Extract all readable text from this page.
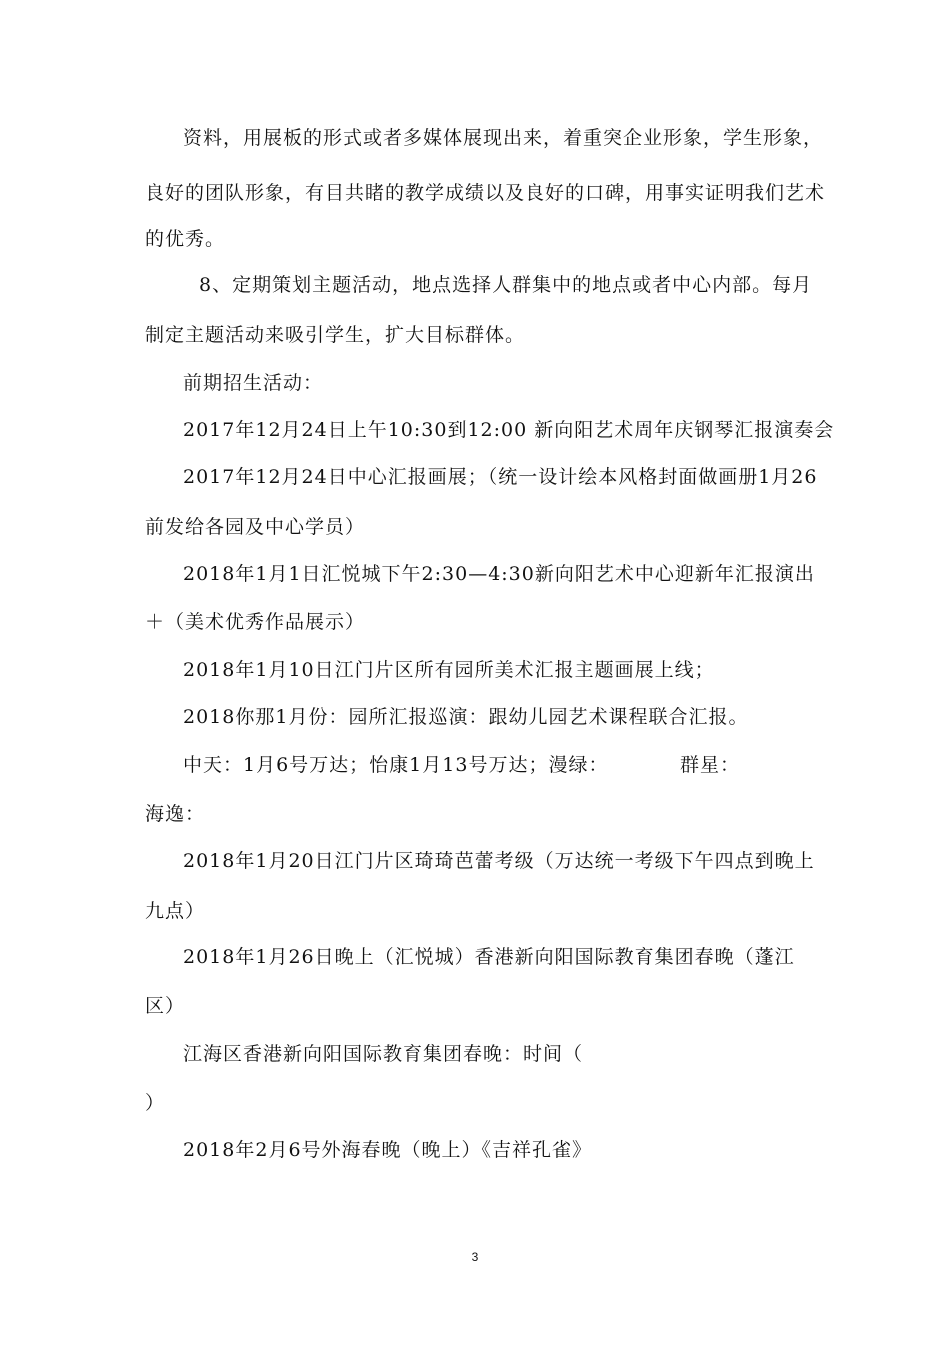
资料，用展板的形式或者多媒体展现出来，着重突企业形象，学生形象，
良好的团队形象，有目共睹的教学成绩以及良好的口碑，用事实证明我们艺术
的优秀。
8、定期策划主题活动，地点选择人群集中的地点或者中心内部。每月
制定主题活动来吸引学生，扩大目标群体。
前期招生活动：
2017年12月24日上午10:30到12:00 新向阳艺术周年庆钢琴汇报演奏会
2017年12月24日中心汇报画展；（统一设计绘本风格封面做画册1月26
前发给各园及中心学员）
2018年1月1日汇悦城下午2:30—4:30新向阳艺术中心迎新年汇报演出
＋（美术优秀作品展示）
2018年1月10日江门片区所有园所美术汇报主题画展上线；
2018你那1月份：园所汇报巡演：跟幼儿园艺术课程联合汇报。
中天：1月6号万达；怡康1月13号万达；漫绿：	群星：
海逸：
2018年1月20日江门片区琦琦芭蕾考级（万达统一考级下午四点到晚上
九点）
2018年1月26日晚上（汇悦城）香港新向阳国际教育集团春晚（蓬江
区）
江海区香港新向阳国际教育集团春晚：时间（
）
2018年2月6号外海春晚（晚上）《吉祥孔雀》
3
